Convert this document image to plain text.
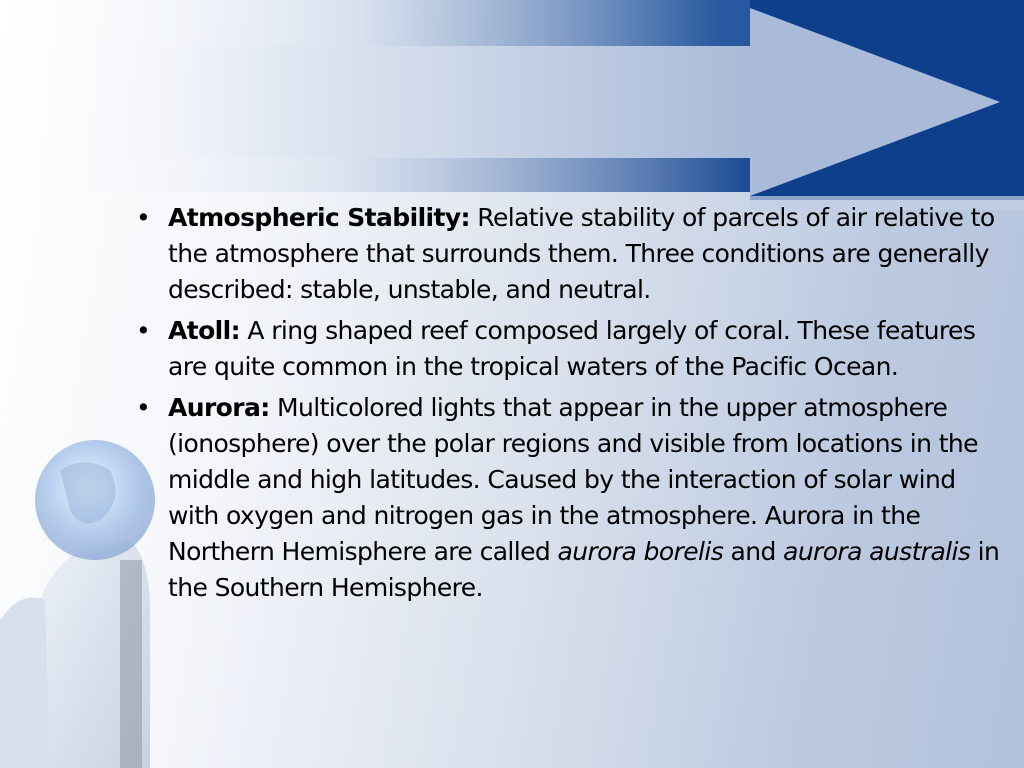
• Atmospheric Stability: Relative stability of parcels of air relative to the atmosphere that surrounds them. Three conditions are generally described: stable, unstable, and neutral.
• Atoll: A ring shaped reef composed largely of coral. These features are quite common in the tropical waters of the Pacific Ocean.
• Aurora: Multicolored lights that appear in the upper atmosphere (ionosphere) over the polar regions and visible from locations in the middle and high latitudes. Caused by the interaction of solar wind with oxygen and nitrogen gas in the atmosphere. Aurora in the Northern Hemisphere are called aurora borelis and aurora australis in the Southern Hemisphere.
